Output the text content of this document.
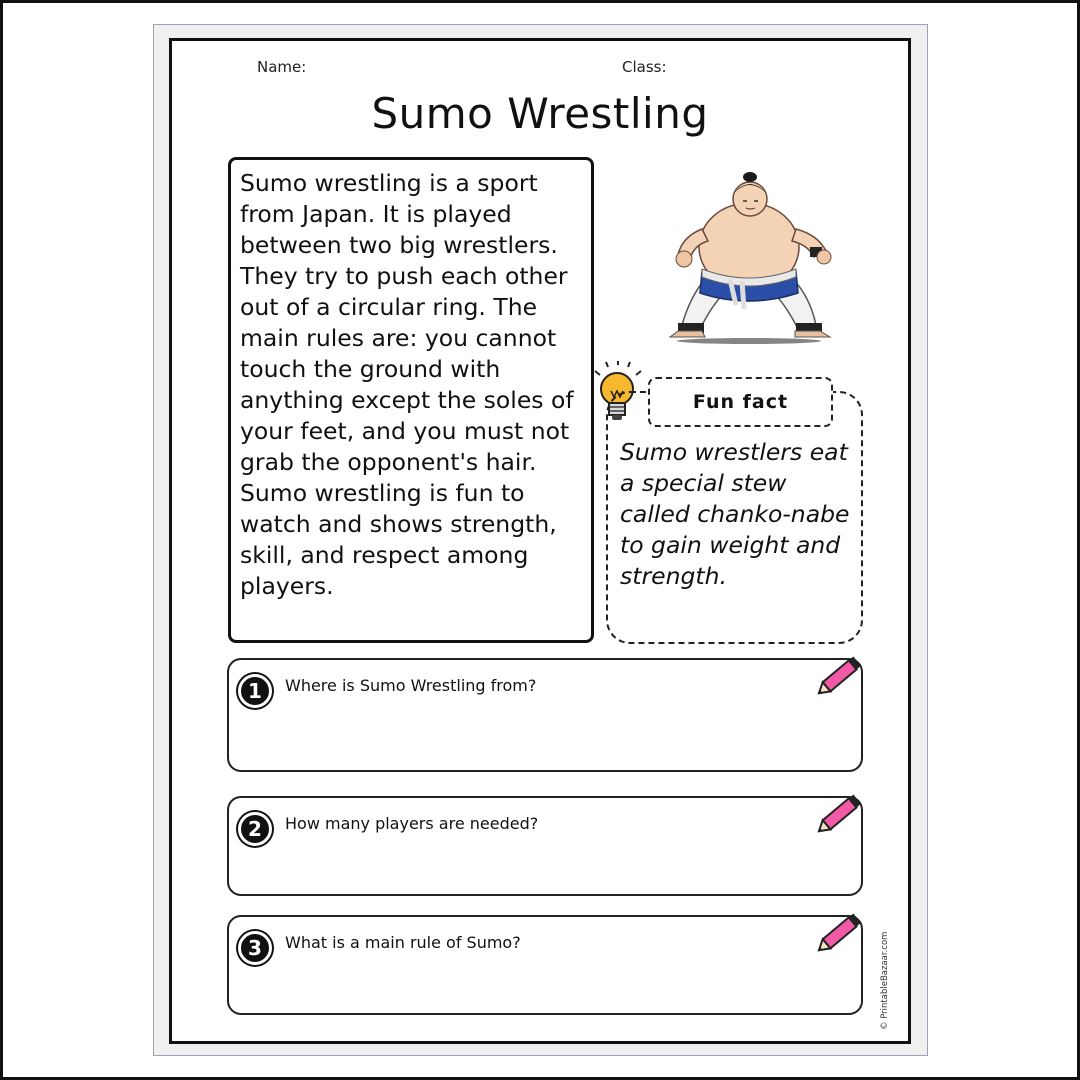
Name:	Class:
Sumo Wrestling

Sumo wrestling is a sport from Japan. It is played between two big wrestlers. They try to push each other out of a circular ring. The main rules are: you cannot touch the ground with anything except the soles of your feet, and you must not grab the opponent's hair. Sumo wrestling is fun to watch and shows strength, skill, and respect among players.

Fun fact

Sumo wrestlers eat a special stew called chanko-nabe to gain weight and strength.

1	Where is Sumo Wrestling from?
2	How many players are needed?
3	What is a main rule of Sumo?	© PrintableBazaar.com
